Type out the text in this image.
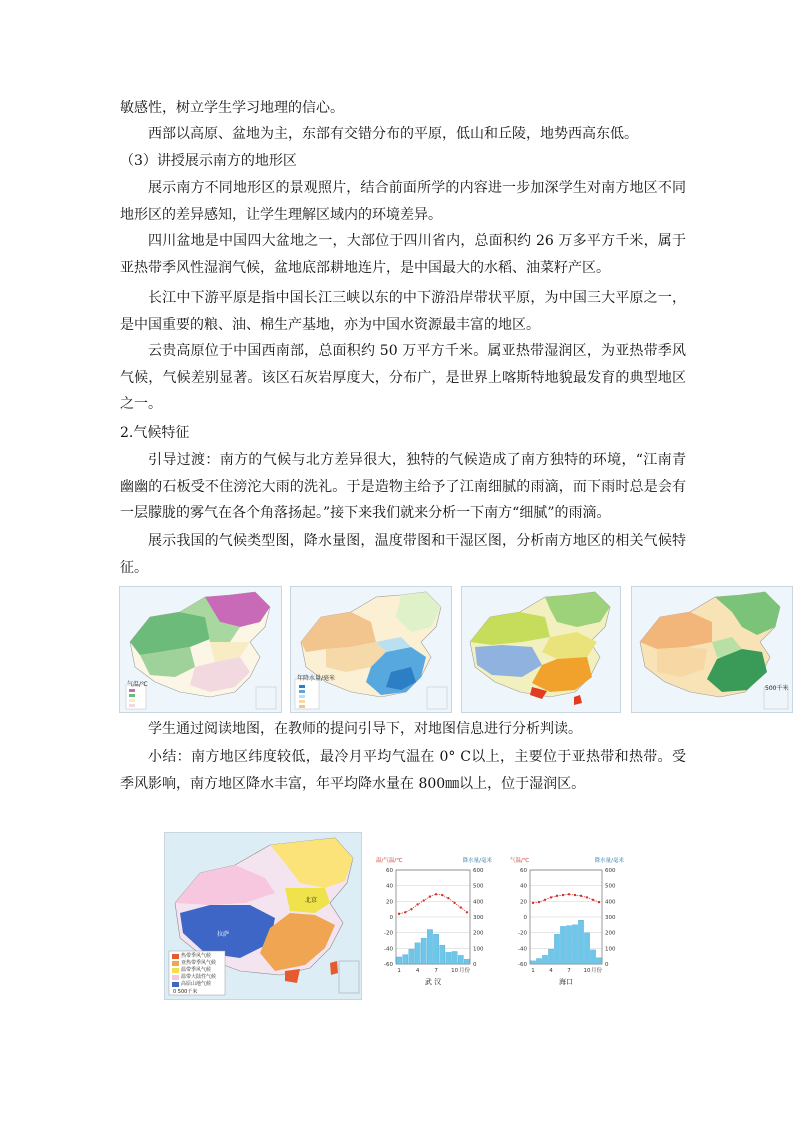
敏感性，树立学生学习地理的信心。

西部以高原、盆地为主，东部有交错分布的平原，低山和丘陵，地势西高东低。

（3）讲授展示南方的地形区

展示南方不同地形区的景观照片，结合前面所学的内容进一步加深学生对南方地区不同地形区的差异感知，让学生理解区域内的环境差异。

四川盆地是中国四大盆地之一，大部位于四川省内，总面积约 26 万多平方千米，属于亚热带季风性湿润气候，盆地底部耕地连片，是中国最大的水稻、油菜籽产区。

长江中下游平原是指中国长江三峡以东的中下游沿岸带状平原，为中国三大平原之一，是中国重要的粮、油、棉生产基地，亦为中国水资源最丰富的地区。

云贵高原位于中国西南部，总面积约 50 万平方千米。属亚热带湿润区，为亚热带季风气候，气候差别显著。该区石灰岩厚度大，分布广，是世界上喀斯特地貌最发育的典型地区之一。

2.气候特征

引导过渡：南方的气候与北方差异很大，独特的气候造成了南方独特的环境，“江南青幽幽的石板受不住滂沱大雨的洗礼。于是造物主给予了江南细腻的雨滴，而下雨时总是会有一层朦胧的雾气在各个角落扬起。”接下来我们就来分析一下南方“细腻”的雨滴。

展示我国的气候类型图，降水量图，温度带图和干湿区图，分析南方地区的相关气候特征。

气温/℃
年降水量/毫米
500千米

学生通过阅读地图，在教师的提问引导下，对地图信息进行分析判读。

小结：南方地区纬度较低，最冷月平均气温在 0° C以上，主要位于亚热带和热带。受季风影响，南方地区降水丰富，年平均降水量在 800㎜以上，位于湿润区。

热带季风气候
亚热带季风气候
温带季风气候
温带大陆性气候
高原山地气候
0 500千米
北京
拉萨
温/气温/℃	降水量/毫米
60	600
40	500
20	400
0	300
-20	200
-40	100
-60	0
1	4	7 10 月份
武 汉
气温/℃	降水量/毫米
60	600
40	500
20	400
0	300
-20	200
-40	100
-60	0
1	4	7 10 月份
海口
